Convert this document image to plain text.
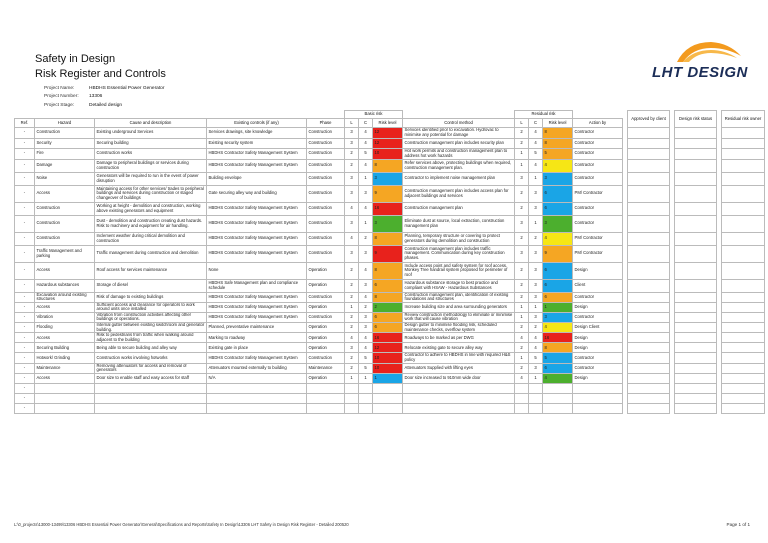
Safety in Design
Risk Register and Controls	LHT DESIGN
Project Name:	HBDHS Essential Power Generator
Project Number:	13306
Project Stage:	Detailed design
					Basic risk				Residual risk					Approved by client		Design risk status		Residual risk owner
Ref.	Hazard	Cause and description	Existing controls (if any)	Phase	L	C	Risk level	Control method	L	C	Risk level	Action by						
-	Construction	Existing underground Services	Services drawings, site knowledge	Construction	3	4	12	Services identified prior to excavation. Hydrovac to minimise any potential for damage	2	4	8	Contractor						
-	Security	Securing building	Existing security system	Construction	3	4	12	Construction management plan includes security plan	2	4	8	Contractor						
-	Fire	Construction works	HBDHS Contractor Safety Management System	Construction	2	5	10	Hot work permits and construction management plan to address hot work hazards	1	5	5	Contractor						
-	Damage	Damage to peripheral buildings or services during construction	HBDHS Contractor Safety Management System	Construction	2	4	8	Refer services above, protecting buildings when required, construction management plan.	1	4	4	Contractor						
-	Noise	Generators will be required to run in the event of power disruption	Building envelope	Construction	3	1	3	Contractor to implement noise management plan	3	1	3	Contractor						
-	Access	Maintaining access for other services/ trades to peripheral buildings and services during construction or staged changeover of buildings	Gate securing alley way and building	Construction	3	3	9	Construction management plan includes access plan for adjacent buildings and services	2	3	6	PM/ Contractor						
-	Construction	Working at height - demolition and construction, working above existing generators and equipment	HBDHS Contractor Safety Management System	Construction	4	4	16	Construction management plan	2	3	6	Contractor						
-	Construction	Dust - demolition and construction creating dust hazards. Risk to machinery and equipment for air handling.	HBDHS Contractor Safety Management System	Construction	3	1	3	Eliminate dust at source, local extraction, construction management plan	3	1	3	Contractor						
-	Construction	Inclement weather during critical demolition and construction	HBDHS Contractor Safety Management System	Construction	4	2	8	Planning, temporary structure or covering to protect generators during demolition and construction	2	2	4	PM/ Contractor						
-	Traffic Management and parking	Traffic management during construction and demolition	HBDHS Contractor Safety Management System	Construction	3	3	9	Construction management plan includes traffic management. Communication during key construction phases.	3	3	9	PM/ Contractor						
-	Access	Roof access for services maintenance	None	Operation	2	4	8	Include access point and safety system for roof access. Monkey Tree handrail system proposed for perimeter of roof	2	3	6	Design						
-	Hazardous substances	Storage of diesel	HBDHS Safe Management plan and compliance schedule	Operation	2	3	6	Hazardous substance storage to best practice and compliant with HSAW - Hazardous Substances	2	3	6	Client						
-	Excavation around existing structures	Risk of damage to existing buildings	HBDHS Contractor Safety Management System	Construction	2	4	8	Construction management plan, identification of existing foundations and structures	2	3	6	Contractor						
-	Access	Sufficient access and clearance for operators to work around units once installed	HBDHS Contractor Safety Management System	Operation	1	2	2	Increase building size and area surrounding generators	1	1	1	Design						
-	Vibration	Vibration from construction activities affecting other buildings or operations.	HBDHS Contractor Safety Management System	Construction	2	3	6	Review construction methodology to eliminate or minimise work that will cause vibration	1	3	3	Contractor						
-	Flooding	Internal gutter between existing switchroom and generator building.	Planned, preventative maintenance	Operation	2	3	6	Design gutter to minimise flooding risk, scheduled maintenance checks, overflow system	2	2	4	Design Client						
-	Access	Risk to pedestrians from traffic when walking around adjacent to the building	Marking to roadway	Operation	4	4	16	Roadways to be marked as per DWG	4	4	16	Design						
-	Securing Building	Being able to secure building and alley way	Existing gate in place	Operation	3	4	12	Relocate existing gate to secure alley way	2	4	8	Design						
-	Hotwork/ Grinding	Construction works involving hotworks	HBDHS Contractor Safety Management System	Construction	2	5	10	Contractor to adhere to HBDHS in line with required H&S policy	1	5	5	Contractor						
-	Maintenance	Removing attenuators for access and removal of generators	Attenuators mounted externally to building	Maintenance	2	5	10	Attenuators Supplied with lifting eyes	2	3	6	Contractor						
-	Access	Door size to enable staff and easy access for staff	N/A	Operation	1	1	1	Door size increased to 910mm wide door	4	1	4	Design						
-																		
-																		
-																		
L:\0_projects\13000-13499\13306 HBDHS Essential Power Generator\General\Specifications and Reports\Safety In Design\13306 LHT Safety in Design Risk Register - Detailed 200520	Page 1 of 1
